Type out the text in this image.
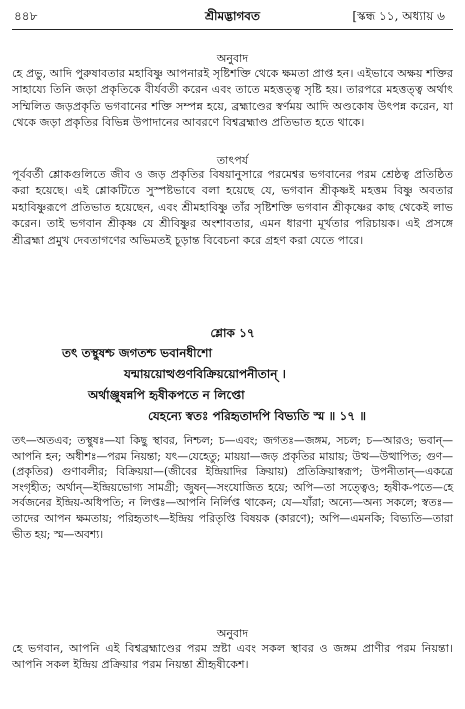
৪৪৮	শ্রীমদ্ভাগবত	[স্কন্ধ ১১, অধ্যায় ৬
অনুবাদ
হে প্রভু, আদি পুরুষাবতার মহাবিষ্ণু আপনারই সৃষ্টিশক্তি থেকে ক্ষমতা প্রাপ্ত হন। এইভাবে অক্ষয় শক্তির সাহায্যে তিনি জড়া প্রকৃতিকে বীর্যবতী করেন এবং তাতে মহত্তত্ত্ব সৃষ্টি হয়। তারপরে মহত্তত্ত্ব অর্থাৎ সম্মিলিত জড়প্রকৃতি ভগবানের শক্তি সম্পন্ন হয়ে, ব্রহ্মাণ্ডের স্বর্ণময় আদি অণ্ডকোষ উৎপন্ন করেন, যা থেকে জড়া প্রকৃতির বিভিন্ন উপাদানের আবরণে বিশ্বব্রহ্মাণ্ড প্রতিভাত হতে থাকে।
তাৎপর্য
পূর্ববর্তী শ্লোকগুলিতে জীব ও জড় প্রকৃতির বিষয়ানুসারে পরমেশ্বর ভগবানের পরম শ্রেষ্ঠত্ব প্রতিষ্ঠিত করা হয়েছে। এই শ্লোকটিতে সুস্পষ্টভাবে বলা হয়েছে যে, ভগবান শ্রীকৃষ্ণই মহত্তম বিষ্ণু অবতার মহাবিষ্ণুরূপে প্রতিভাত হয়েছেন, এবং শ্রীমহাবিষ্ণু তাঁর সৃষ্টিশক্তি ভগবান শ্রীকৃষ্ণের কাছ থেকেই লাভ করেন। তাই ভগবান শ্রীকৃষ্ণ যে শ্রীবিষ্ণুর অংশাবতার, এমন ধারণা মূর্খতার পরিচায়ক। এই প্রসঙ্গে শ্রীব্রহ্মা প্রমুখ দেবতাগণের অভিমতই চূড়ান্ত বিবেচনা করে গ্রহণ করা যেতে পারে।
শ্লোক ১৭
তৎ তস্থুষশ্চ জগতশ্চ ভবানধীশো
যন্মায়য়োত্থগুণবিক্রিয়য়োপনীতান্ ।
অর্থাঞ্জুষন্নপি হৃষীকপতে ন লিপ্তো
যেহন্যে স্বতঃ পরিহৃতাদপি বিভ্যতি স্ম ॥ ১৭ ॥
তৎ—অতএব; তস্থুষঃ—যা কিছু স্থাবর, নিশ্চল; চ—এবং; জগতঃ—জঙ্গম, সচল; চ—আরও; ভবান্—আপনি হন; অধীশঃ—পরম নিয়ন্তা; যৎ—যেহেতু; মায়য়া—জড় প্রকৃতির মায়ায়; উত্থ—উত্থাপিত; গুণ—(প্রকৃতির) গুণাবলীর; বিক্রিয়য়া—(জীবের ইন্দ্রিয়াদির ক্রিয়ায়) প্রতিক্রিয়াস্বরূপ; উপনীতান্—একত্রে সংগৃহীত; অর্থান্—ইন্দ্রিয়ভোগ্য সামগ্রী; জুষন্—সংযোজিত হয়ে; অপি—তা সত্ত্বেও; হৃষীক-পতে—হে সর্বজনের ইন্দ্রিয়-অধিপতি; ন লিপ্তঃ—আপনি নির্লিপ্ত থাকেন; যে—যাঁরা; অন্যে—অন্য সকলে; স্বতঃ—তাদের আপন ক্ষমতায়; পরিহৃতাৎ—ইন্দ্রিয় পরিতৃপ্তি বিষয়ক (কারণে); অপি—এমনকি; বিভ্যতি—তারা ভীত হয়; স্ম—অবশ্য।
অনুবাদ
হে ভগবান, আপনি এই বিশ্বব্রহ্মাণ্ডের পরম স্রষ্টা এবং সকল স্থাবর ও জঙ্গম প্রাণীর পরম নিয়ন্তা। আপনি সকল ইন্দ্রিয় প্রক্রিয়ার পরম নিয়ন্তা শ্রীহৃষীকেশ।
